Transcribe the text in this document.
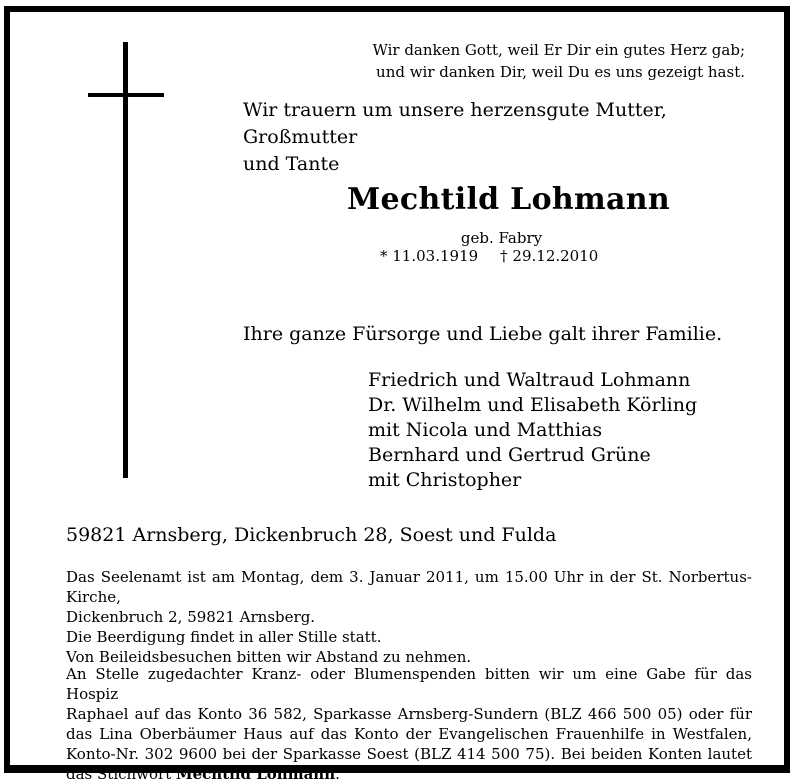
Wir danken Gott, weil Er Dir ein gutes Herz gab;
und wir danken Dir, weil Du es uns gezeigt hast.
Wir trauern um unsere herzensgute Mutter, Großmutter
und Tante
Mechtild Lohmann
geb. Fabry
* 11.03.1919 † 29.12.2010
Ihre ganze Fürsorge und Liebe galt ihrer Familie.
Friedrich und Waltraud Lohmann
Dr. Wilhelm und Elisabeth Körling
mit Nicola und Matthias
Bernhard und Gertrud Grüne
mit Christopher
59821 Arnsberg, Dickenbruch 28, Soest und Fulda
Das Seelenamt ist am Montag, dem 3. Januar 2011, um 15.00 Uhr in der St. Norbertus-Kirche,
Dickenbruch 2, 59821 Arnsberg.
Die Beerdigung findet in aller Stille statt.
Von Beileidsbesuchen bitten wir Abstand zu nehmen.
An Stelle zugedachter Kranz- oder Blumenspenden bitten wir um eine Gabe für das Hospiz
Raphael auf das Konto 36 582, Sparkasse Arnsberg-Sundern (BLZ 466 500 05) oder für
das Lina Oberbäumer Haus auf das Konto der Evangelischen Frauenhilfe in Westfalen,
Konto-Nr. 302 9600 bei der Sparkasse Soest (BLZ 414 500 75). Bei beiden Konten lautet
das Stichwort Mechtild Lohmann.
